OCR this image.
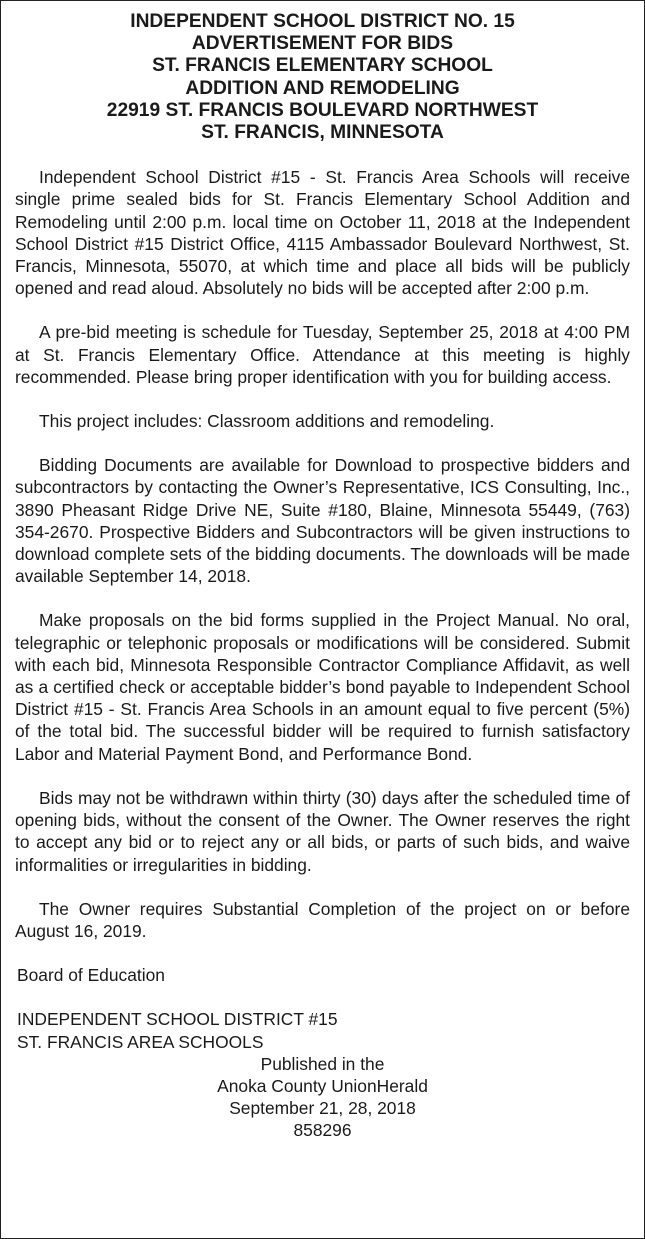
INDEPENDENT SCHOOL DISTRICT NO. 15
ADVERTISEMENT FOR BIDS
ST. FRANCIS ELEMENTARY SCHOOL
ADDITION AND REMODELING
22919 ST. FRANCIS BOULEVARD NORTHWEST
ST. FRANCIS, MINNESOTA

Independent School District #15 - St. Francis Area Schools will receive single prime sealed bids for St. Francis Elementary School Addition and Remodeling until 2:00 p.m. local time on October 11, 2018 at the Independent School District #15 District Office, 4115 Ambassador Boulevard Northwest, St. Francis, Minnesota, 55070, at which time and place all bids will be publicly opened and read aloud. Absolutely no bids will be accepted after 2:00 p.m.

A pre-bid meeting is schedule for Tuesday, September 25, 2018 at 4:00 PM at St. Francis Elementary Office. Attendance at this meeting is highly recommended. Please bring proper identification with you for building access.

This project includes: Classroom additions and remodeling.

Bidding Documents are available for Download to prospective bidders and subcontractors by contacting the Owner’s Representative, ICS Consulting, Inc., 3890 Pheasant Ridge Drive NE, Suite #180, Blaine, Minnesota 55449, (763) 354-2670. Prospective Bidders and Subcontractors will be given instructions to download complete sets of the bidding documents. The downloads will be made available September 14, 2018.

Make proposals on the bid forms supplied in the Project Manual. No oral, telegraphic or telephonic proposals or modifications will be considered. Submit with each bid, Minnesota Responsible Contractor Compliance Affidavit, as well as a certified check or acceptable bidder’s bond payable to Independent School District #15 - St. Francis Area Schools in an amount equal to five percent (5%) of the total bid. The successful bidder will be required to furnish satisfactory Labor and Material Payment Bond, and Performance Bond.

Bids may not be withdrawn within thirty (30) days after the scheduled time of opening bids, without the consent of the Owner. The Owner reserves the right to accept any bid or to reject any or all bids, or parts of such bids, and waive informalities or irregularities in bidding.

The Owner requires Substantial Completion of the project on or before August 16, 2019.

Board of Education

INDEPENDENT SCHOOL DISTRICT #15

ST. FRANCIS AREA SCHOOLS

Published in the
Anoka County UnionHerald
September 21, 28, 2018
858296
